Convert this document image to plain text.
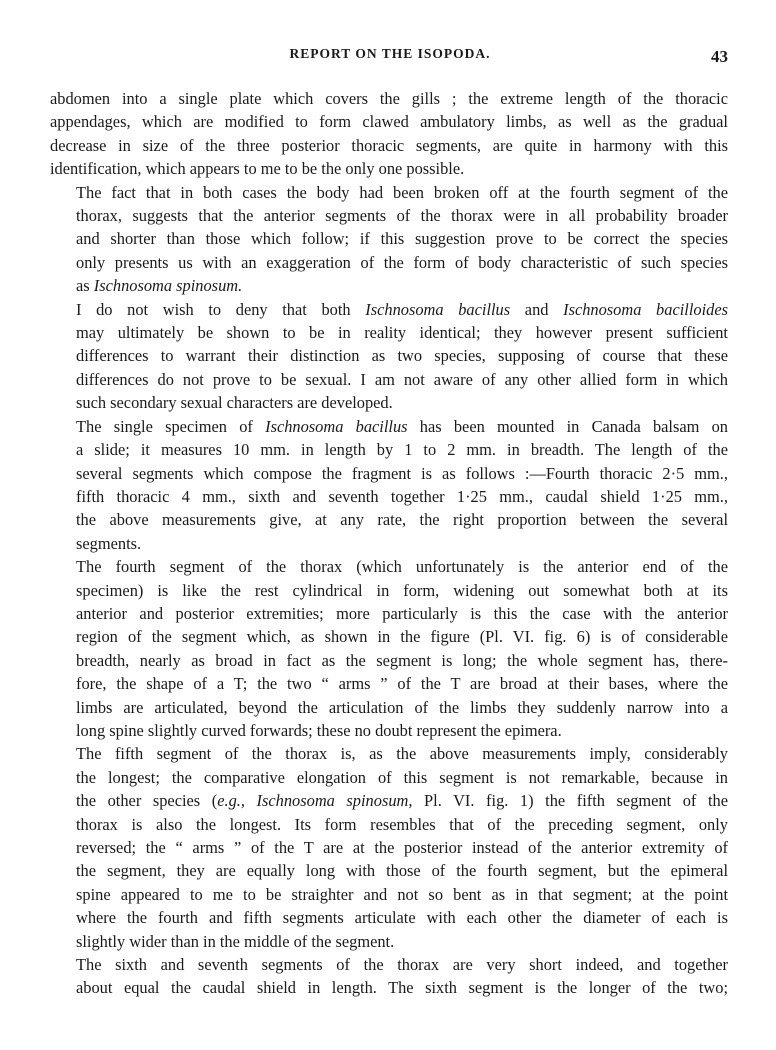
REPORT ON THE ISOPODA.	43

abdomen into a single plate which covers the gills ; the extreme length of the thoracic
appendages, which are modified to form clawed ambulatory limbs, as well as the gradual
decrease in size of the three posterior thoracic segments, are quite in harmony with this
identification, which appears to me to be the only one possible.

The fact that in both cases the body had been broken off at the fourth segment of the
thorax, suggests that the anterior segments of the thorax were in all probability broader
and shorter than those which follow; if this suggestion prove to be correct the species
only presents us with an exaggeration of the form of body characteristic of such species
as Ischnosoma spinosum.

I do not wish to deny that both Ischnosoma bacillus and Ischnosoma bacilloides
may ultimately be shown to be in reality identical; they however present sufficient
differences to warrant their distinction as two species, supposing of course that these
differences do not prove to be sexual. I am not aware of any other allied form in which
such secondary sexual characters are developed.

The single specimen of Ischnosoma bacillus has been mounted in Canada balsam on
a slide; it measures 10 mm. in length by 1 to 2 mm. in breadth. The length of the
several segments which compose the fragment is as follows :—Fourth thoracic 2·5 mm.,
fifth thoracic 4 mm., sixth and seventh together 1·25 mm., caudal shield 1·25 mm.,
the above measurements give, at any rate, the right proportion between the several
segments.

The fourth segment of the thorax (which unfortunately is the anterior end of the
specimen) is like the rest cylindrical in form, widening out somewhat both at its
anterior and posterior extremities; more particularly is this the case with the anterior
region of the segment which, as shown in the figure (Pl. VI. fig. 6) is of considerable
breadth, nearly as broad in fact as the segment is long; the whole segment has, there-
fore, the shape of a T; the two “ arms ” of the T are broad at their bases, where the
limbs are articulated, beyond the articulation of the limbs they suddenly narrow into a
long spine slightly curved forwards; these no doubt represent the epimera.

The fifth segment of the thorax is, as the above measurements imply, considerably
the longest; the comparative elongation of this segment is not remarkable, because in
the other species (e.g., Ischnosoma spinosum, Pl. VI. fig. 1) the fifth segment of the
thorax is also the longest. Its form resembles that of the preceding segment, only
reversed; the “ arms ” of the T are at the posterior instead of the anterior extremity of
the segment, they are equally long with those of the fourth segment, but the epimeral
spine appeared to me to be straighter and not so bent as in that segment; at the point
where the fourth and fifth segments articulate with each other the diameter of each is
slightly wider than in the middle of the segment.

The sixth and seventh segments of the thorax are very short indeed, and together
about equal the caudal shield in length. The sixth segment is the longer of the two;
